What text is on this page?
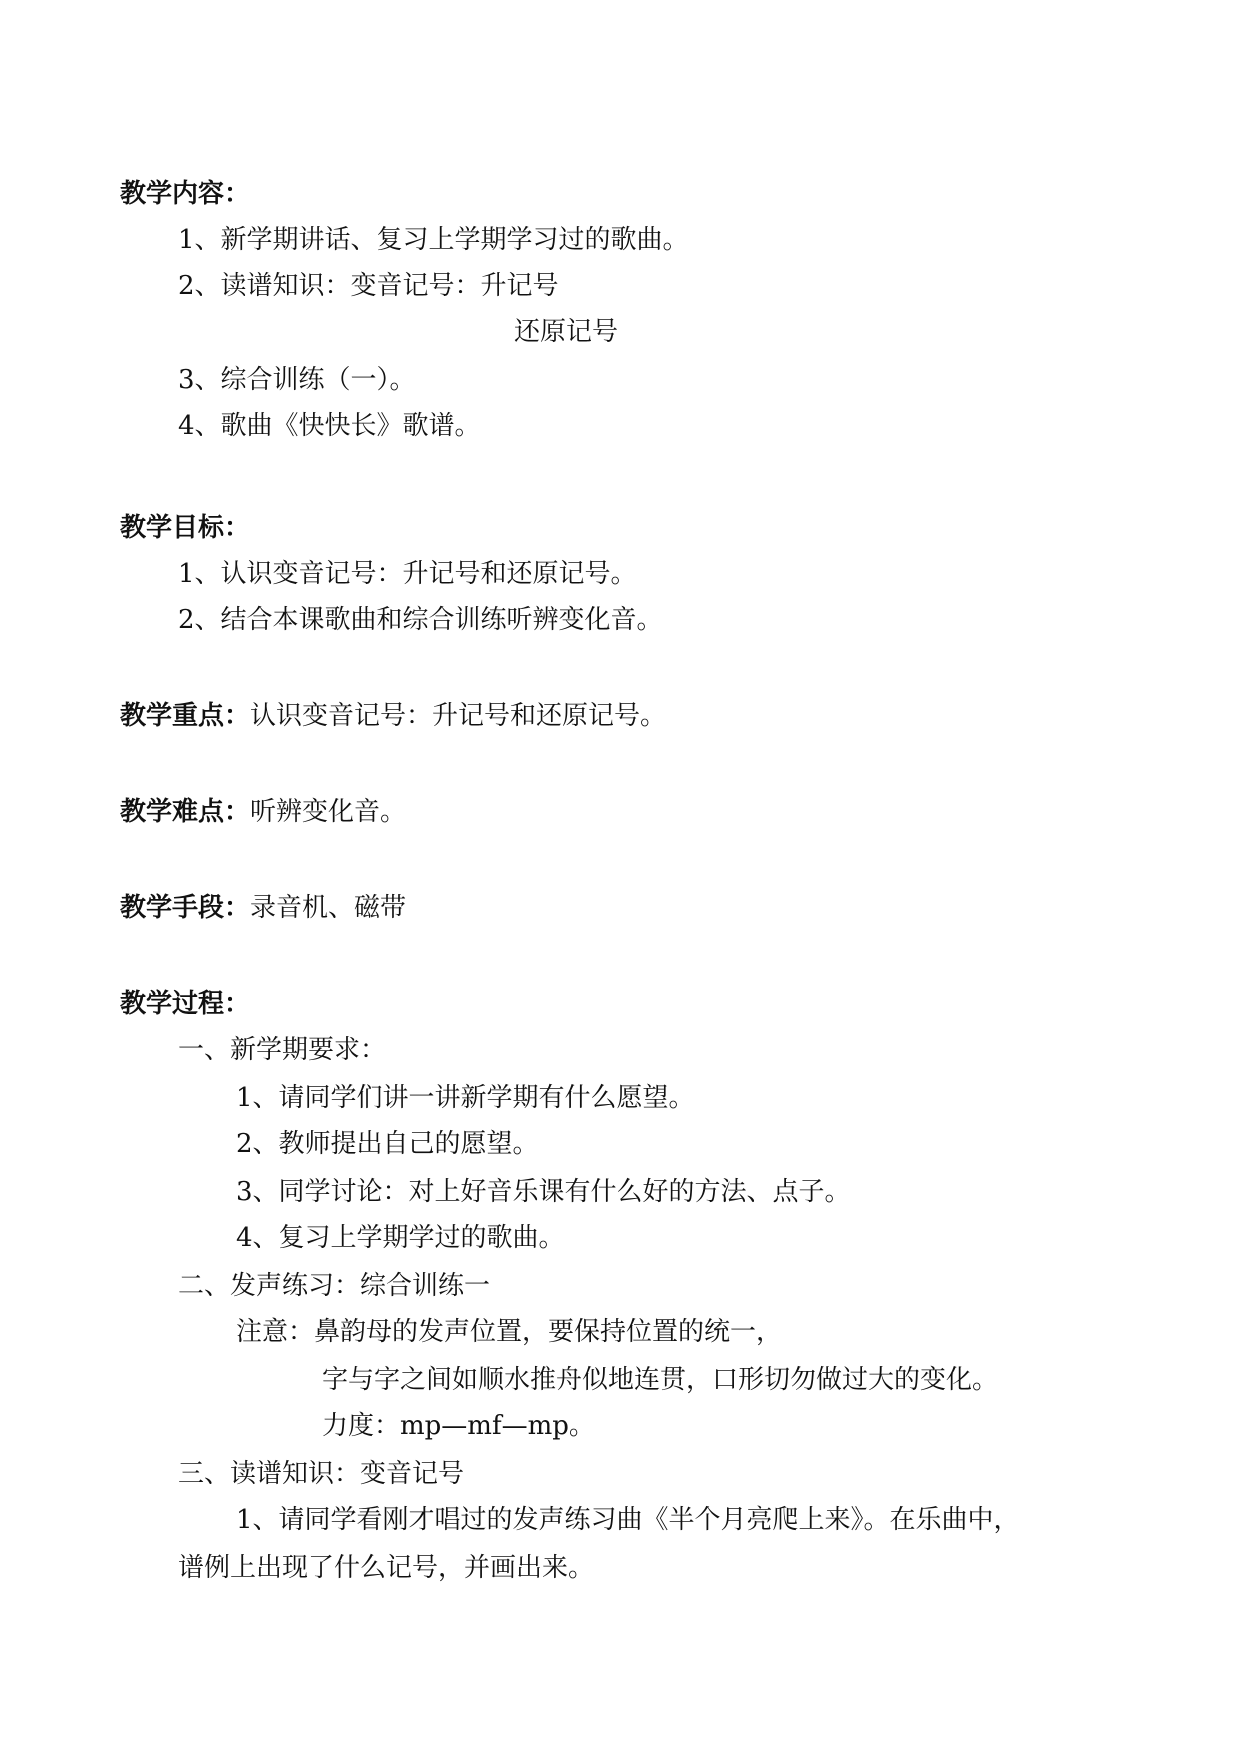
教学内容：
1、新学期讲话、复习上学期学习过的歌曲。
2、读谱知识：变音记号：升记号
还原记号
3、综合训练（一）。
4、歌曲《快快长》歌谱。
教学目标：
1、认识变音记号：升记号和还原记号。
2、结合本课歌曲和综合训练听辨变化音。
教学重点：认识变音记号：升记号和还原记号。
教学难点：听辨变化音。
教学手段：录音机、磁带
教学过程：
一、新学期要求：
1、请同学们讲一讲新学期有什么愿望。
2、教师提出自己的愿望。
3、同学讨论：对上好音乐课有什么好的方法、点子。
4、复习上学期学过的歌曲。
二、发声练习：综合训练一
注意：鼻韵母的发声位置，要保持位置的统一，
字与字之间如顺水推舟似地连贯，口形切勿做过大的变化。
力度：mp—mf—mp。
三、读谱知识：变音记号
1、请同学看刚才唱过的发声练习曲《半个月亮爬上来》。在乐曲中，
谱例上出现了什么记号，并画出来。
